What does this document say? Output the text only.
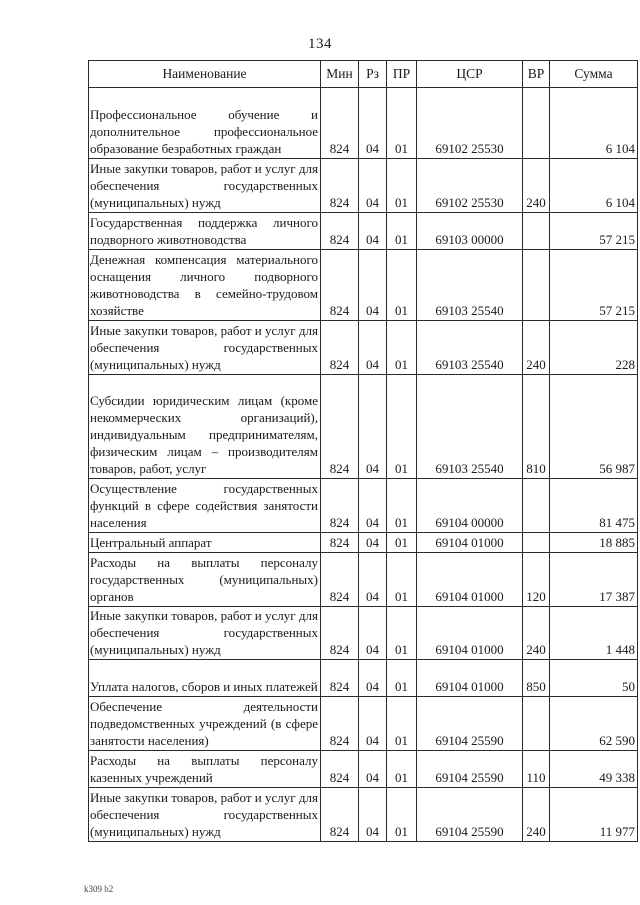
134
Наименование	Мин	Рз	ПР	ЦСР	ВР	Сумма
Профессиональное обучение и дополнительное профессиональное образование безработных граждан	824	04	01	69102 25530		6 104
Иные закупки товаров, работ и услуг для обеспечения государственных (муниципальных) нужд	824	04	01	69102 25530	240	6 104
Государственная поддержка личного подворного животноводства	824	04	01	69103 00000		57 215
Денежная компенсация материального оснащения личного подворного животноводства в семейно-трудовом хозяйстве	824	04	01	69103 25540		57 215
Иные закупки товаров, работ и услуг для обеспечения государственных (муниципальных) нужд	824	04	01	69103 25540	240	228
Субсидии юридическим лицам (кроме некоммерческих организаций), индивидуальным предпринимателям, физическим лицам – производителям товаров, работ, услуг	824	04	01	69103 25540	810	56 987
Осуществление государственных функций в сфере содействия занятости населения	824	04	01	69104 00000		81 475
Центральный аппарат	824	04	01	69104 01000		18 885
Расходы на выплаты персоналу государственных (муниципальных) органов	824	04	01	69104 01000	120	17 387
Иные закупки товаров, работ и услуг для обеспечения государственных (муниципальных) нужд	824	04	01	69104 01000	240	1 448
Уплата налогов, сборов и иных платежей	824	04	01	69104 01000	850	50
Обеспечение деятельности подведомственных учреждений (в сфере занятости населения)	824	04	01	69104 25590		62 590
Расходы на выплаты персоналу казенных учреждений	824	04	01	69104 25590	110	49 338
Иные закупки товаров, работ и услуг для обеспечения государственных (муниципальных) нужд	824	04	01	69104 25590	240	11 977
k309 b2
